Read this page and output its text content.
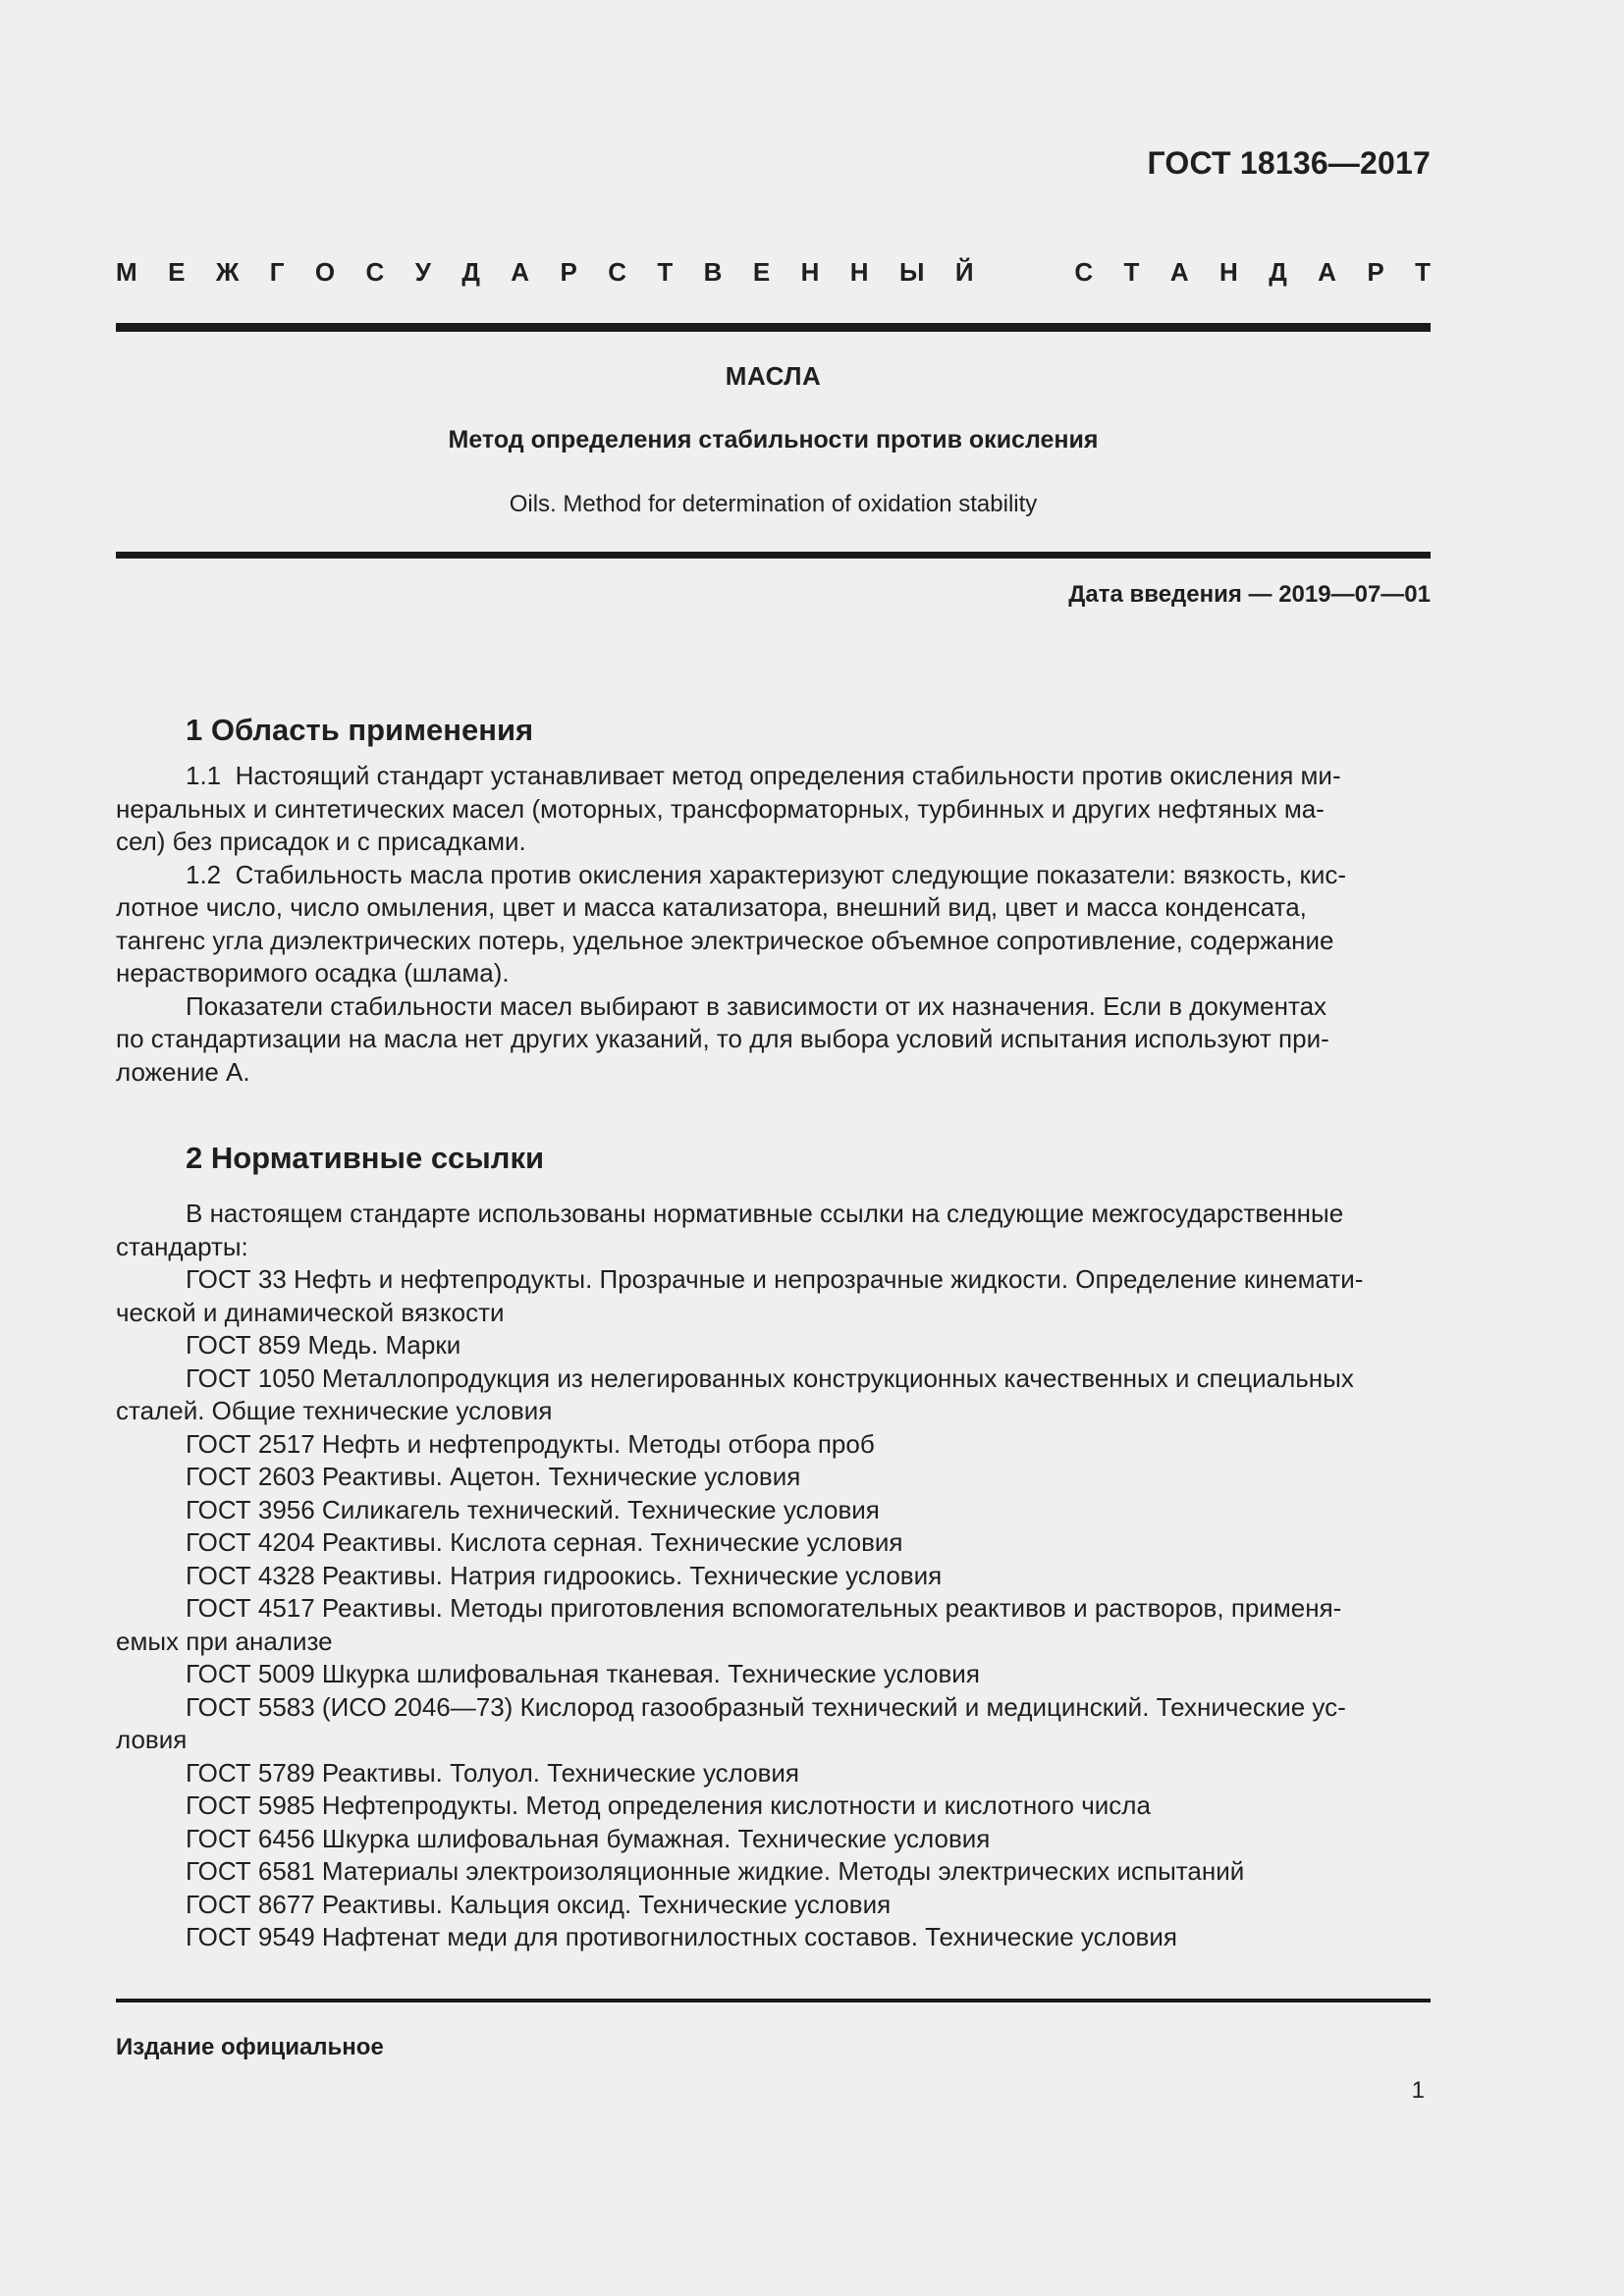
ГОСТ 18136—2017
М Е Ж Г О С У Д А Р С Т В Е Н Н Ы Й	С Т А Н Д А Р Т
МАСЛА
Метод определения стабильности против окисления
Oils. Method for determination of oxidation stability
Дата введения — 2019—07—01
1 Область применения
1.1  Настоящий стандарт устанавливает метод определения стабильности против окисления ми-
неральных и синтетических масел (моторных, трансформаторных, турбинных и других нефтяных ма-
сел) без присадок и с присадками.
1.2  Стабильность масла против окисления характеризуют следующие показатели: вязкость, кис-
лотное число, число омыления, цвет и масса катализатора, внешний вид, цвет и масса конденсата,
тангенс угла диэлектрических потерь, удельное электрическое объемное сопротивление, содержание
нерастворимого осадка (шлама).
Показатели стабильности масел выбирают в зависимости от их назначения. Если в документах
по стандартизации на масла нет других указаний, то для выбора условий испытания используют при-
ложение А.
2 Нормативные ссылки
В настоящем стандарте использованы нормативные ссылки на следующие межгосударственные
стандарты:
ГОСТ 33 Нефть и нефтепродукты. Прозрачные и непрозрачные жидкости. Определение кинемати-
ческой и динамической вязкости
ГОСТ 859 Медь. Марки
ГОСТ 1050 Металлопродукция из нелегированных конструкционных качественных и специальных
сталей. Общие технические условия
ГОСТ 2517 Нефть и нефтепродукты. Методы отбора проб
ГОСТ 2603 Реактивы. Ацетон. Технические условия
ГОСТ 3956 Силикагель технический. Технические условия
ГОСТ 4204 Реактивы. Кислота серная. Технические условия
ГОСТ 4328 Реактивы. Натрия гидроокись. Технические условия
ГОСТ 4517 Реактивы. Методы приготовления вспомогательных реактивов и растворов, применя-
емых при анализе
ГОСТ 5009 Шкурка шлифовальная тканевая. Технические условия
ГОСТ 5583 (ИСО 2046—73) Кислород газообразный технический и медицинский. Технические ус-
ловия
ГОСТ 5789 Реактивы. Толуол. Технические условия
ГОСТ 5985 Нефтепродукты. Метод определения кислотности и кислотного числа
ГОСТ 6456 Шкурка шлифовальная бумажная. Технические условия
ГОСТ 6581 Материалы электроизоляционные жидкие. Методы электрических испытаний
ГОСТ 8677 Реактивы. Кальция оксид. Технические условия
ГОСТ 9549 Нафтенат меди для противогнилостных составов. Технические условия
Издание официальное
1
